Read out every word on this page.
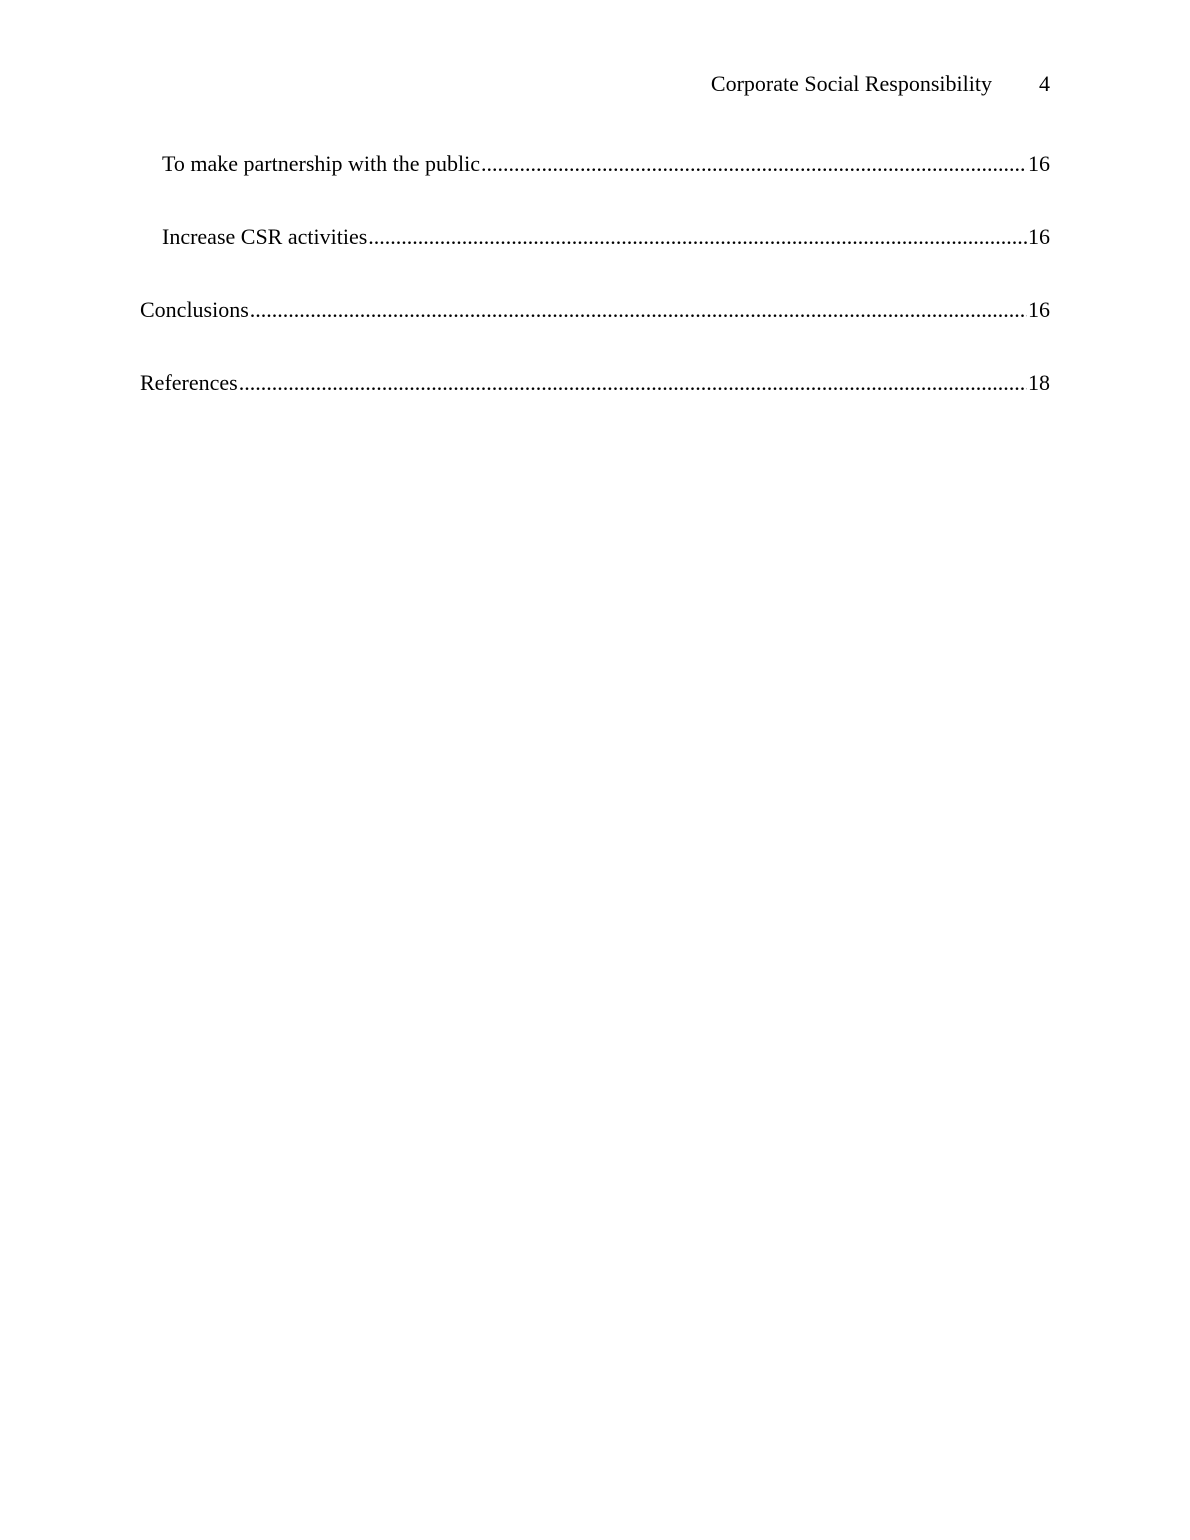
Corporate Social Responsibility 4
To make partnership with the public .....	16
Increase CSR activities .....	16
Conclusions .....	16
References .....	18
